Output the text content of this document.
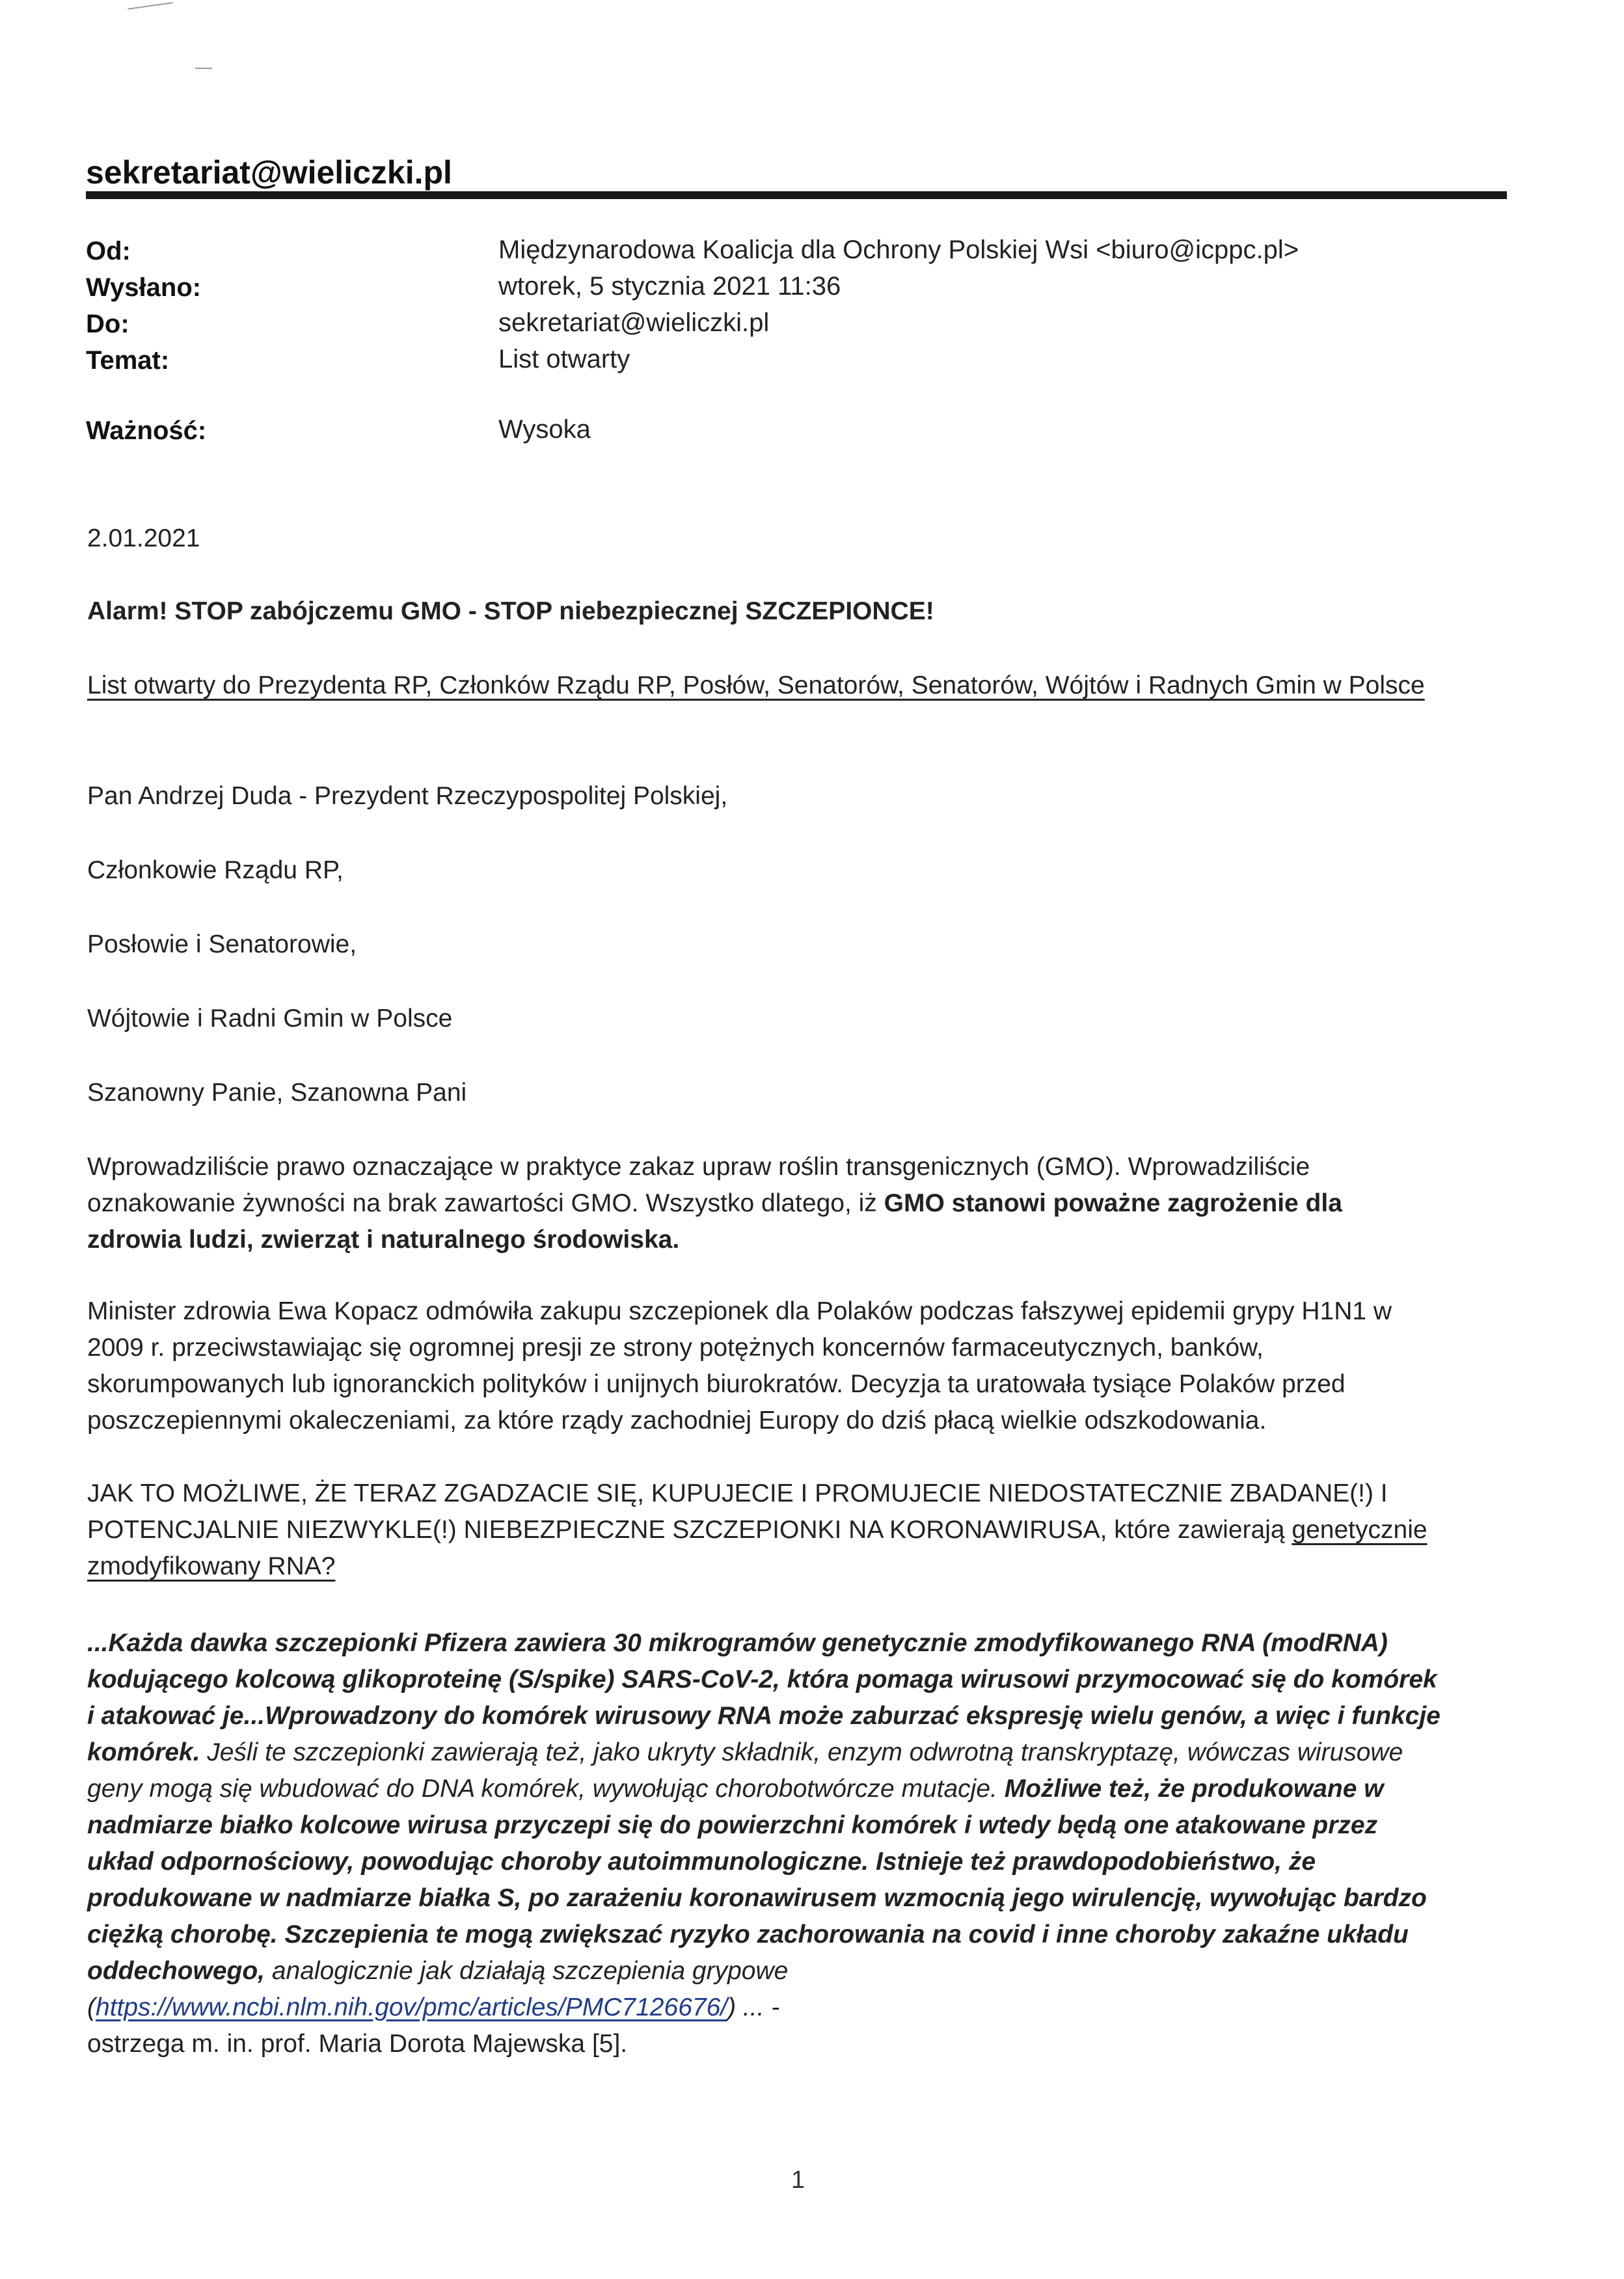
sekretariat@wieliczki.pl
Od:	Międzynarodowa Koalicja dla Ochrony Polskiej Wsi <biuro@icppc.pl>
Wysłano:	wtorek, 5 stycznia 2021 11:36
Do:	sekretariat@wieliczki.pl
Temat:	List otwarty
Ważność:	Wysoka
2.01.2021
Alarm! STOP zabójczemu GMO - STOP niebezpiecznej SZCZEPIONCE!
List otwarty do Prezydenta RP, Członków Rządu RP, Posłów, Senatorów, Senatorów, Wójtów i Radnych Gmin w Polsce
Pan Andrzej Duda - Prezydent Rzeczypospolitej Polskiej,
Członkowie Rządu RP,
Posłowie i Senatorowie,
Wójtowie i Radni Gmin w Polsce
Szanowny Panie, Szanowna Pani
Wprowadziliście prawo oznaczające w praktyce zakaz upraw roślin transgenicznych (GMO). Wprowadziliście oznakowanie żywności na brak zawartości GMO. Wszystko dlatego, iż GMO stanowi poważne zagrożenie dla zdrowia ludzi, zwierząt i naturalnego środowiska.
Minister zdrowia Ewa Kopacz odmówiła zakupu szczepionek dla Polaków podczas fałszywej epidemii grypy H1N1 w 2009 r. przeciwstawiając się ogromnej presji ze strony potężnych koncernów farmaceutycznych, banków, skorumpowanych lub ignoranckich polityków i unijnych biurokratów. Decyzja ta uratowała tysiące Polaków przed poszczepiennymi okaleczeniami, za które rządy zachodniej Europy do dziś płacą wielkie odszkodowania.
JAK TO MOŻLIWE, ŻE TERAZ ZGADZACIE SIĘ, KUPUJECIE I PROMUJECIE NIEDOSTATECZNIE ZBADANE(!) I POTENCJALNIE NIEZWYKLE(!) NIEBEZPIECZNE SZCZEPIONKI NA KORONAWIRUSA, które zawierają genetycznie zmodyfikowany RNA?
...Każda dawka szczepionki Pfizera zawiera 30 mikrogramów genetycznie zmodyfikowanego RNA (modRNA) kodującego kolcową glikoproteinę (S/spike) SARS-CoV-2, która pomaga wirusowi przymocować się do komórek i atakować je...Wprowadzony do komórek wirusowy RNA może zaburzać ekspresję wielu genów, a więc i funkcje komórek. Jeśli te szczepionki zawierają też, jako ukryty składnik, enzym odwrotną transkryptazę, wówczas wirusowe geny mogą się wbudować do DNA komórek, wywołując chorobotwórcze mutacje. Możliwe też, że produkowane w nadmiarze białko kolcowe wirusa przyczepi się do powierzchni komórek i wtedy będą one atakowane przez układ odpornościowy, powodując choroby autoimmunologiczne. Istnieje też prawdopodobieństwo, że produkowane w nadmiarze białka S, po zarażeniu koronawirusem wzmocnią jego wirulencję, wywołując bardzo ciężką chorobę. Szczepienia te mogą zwiększać ryzyko zachorowania na covid i inne choroby zakaźne układu oddechowego, analogicznie jak działają szczepienia grypowe (https://www.ncbi.nlm.nih.gov/pmc/articles/PMC7126676/) ... -
ostrzega m. in. prof. Maria Dorota Majewska [5].
1
